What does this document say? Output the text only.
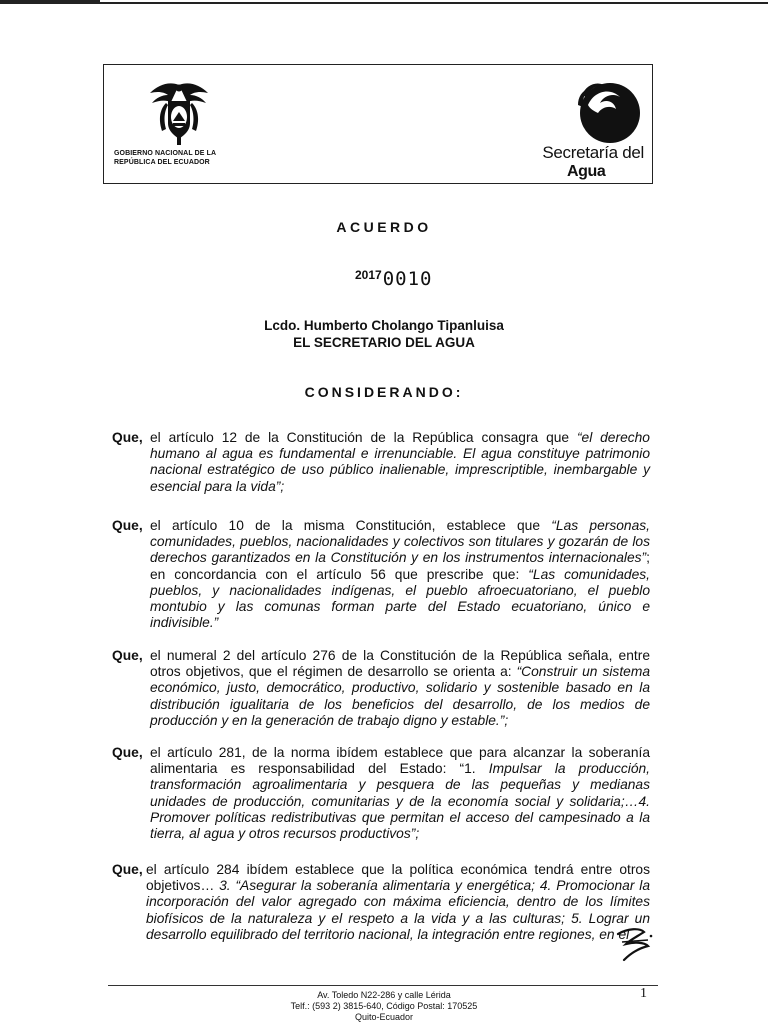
GOBIERNO NACIONAL DE LA
REPÚBLICA DEL ECUADOR
Secretaría del
Agua
ACUERDO
$^{2017}$0010
Lcdo. Humberto Cholango Tipanluisa
EL SECRETARIO DEL AGUA
CONSIDERANDO:
Que, el artículo 12 de la Constitución de la República consagra que “el derecho humano al agua es fundamental e irrenunciable. El agua constituye patrimonio nacional estratégico de uso público inalienable, imprescriptible, inembargable y esencial para la vida”;
Que, el artículo 10 de la misma Constitución, establece que “Las personas, comunidades, pueblos, nacionalidades y colectivos son titulares y gozarán de los derechos garantizados en la Constitución y en los instrumentos internacionales”; en concordancia con el artículo 56 que prescribe que: “Las comunidades, pueblos, y nacionalidades indígenas, el pueblo afroecuatoriano, el pueblo montubio y las comunas forman parte del Estado ecuatoriano, único e indivisible.”
Que, el numeral 2 del artículo 276 de la Constitución de la República señala, entre otros objetivos, que el régimen de desarrollo se orienta a: “Construir un sistema económico, justo, democrático, productivo, solidario y sostenible basado en la distribución igualitaria de los beneficios del desarrollo, de los medios de producción y en la generación de trabajo digno y estable.”;
Que, el artículo 281, de la norma ibídem establece que para alcanzar la soberanía alimentaria es responsabilidad del Estado: “1. Impulsar la producción, transformación agroalimentaria y pesquera de las pequeñas y medianas unidades de producción, comunitarias y de la economía social y solidaria;…4. Promover políticas redistributivas que permitan el acceso del campesinado a la tierra, al agua y otros recursos productivos”;
Que, el artículo 284 ibídem establece que la política económica tendrá entre otros objetivos… 3. “Asegurar la soberanía alimentaria y energética; 4. Promocionar la incorporación del valor agregado con máxima eficiencia, dentro de los límites biofísicos de la naturaleza y el respeto a la vida y a las culturas; 5. Lograr un desarrollo equilibrado del territorio nacional, la integración entre regiones, en el
Av. Toledo N22-286 y calle Lérida
Telf.: (593 2) 3815-640, Código Postal: 170525
Quito-Ecuador
1
